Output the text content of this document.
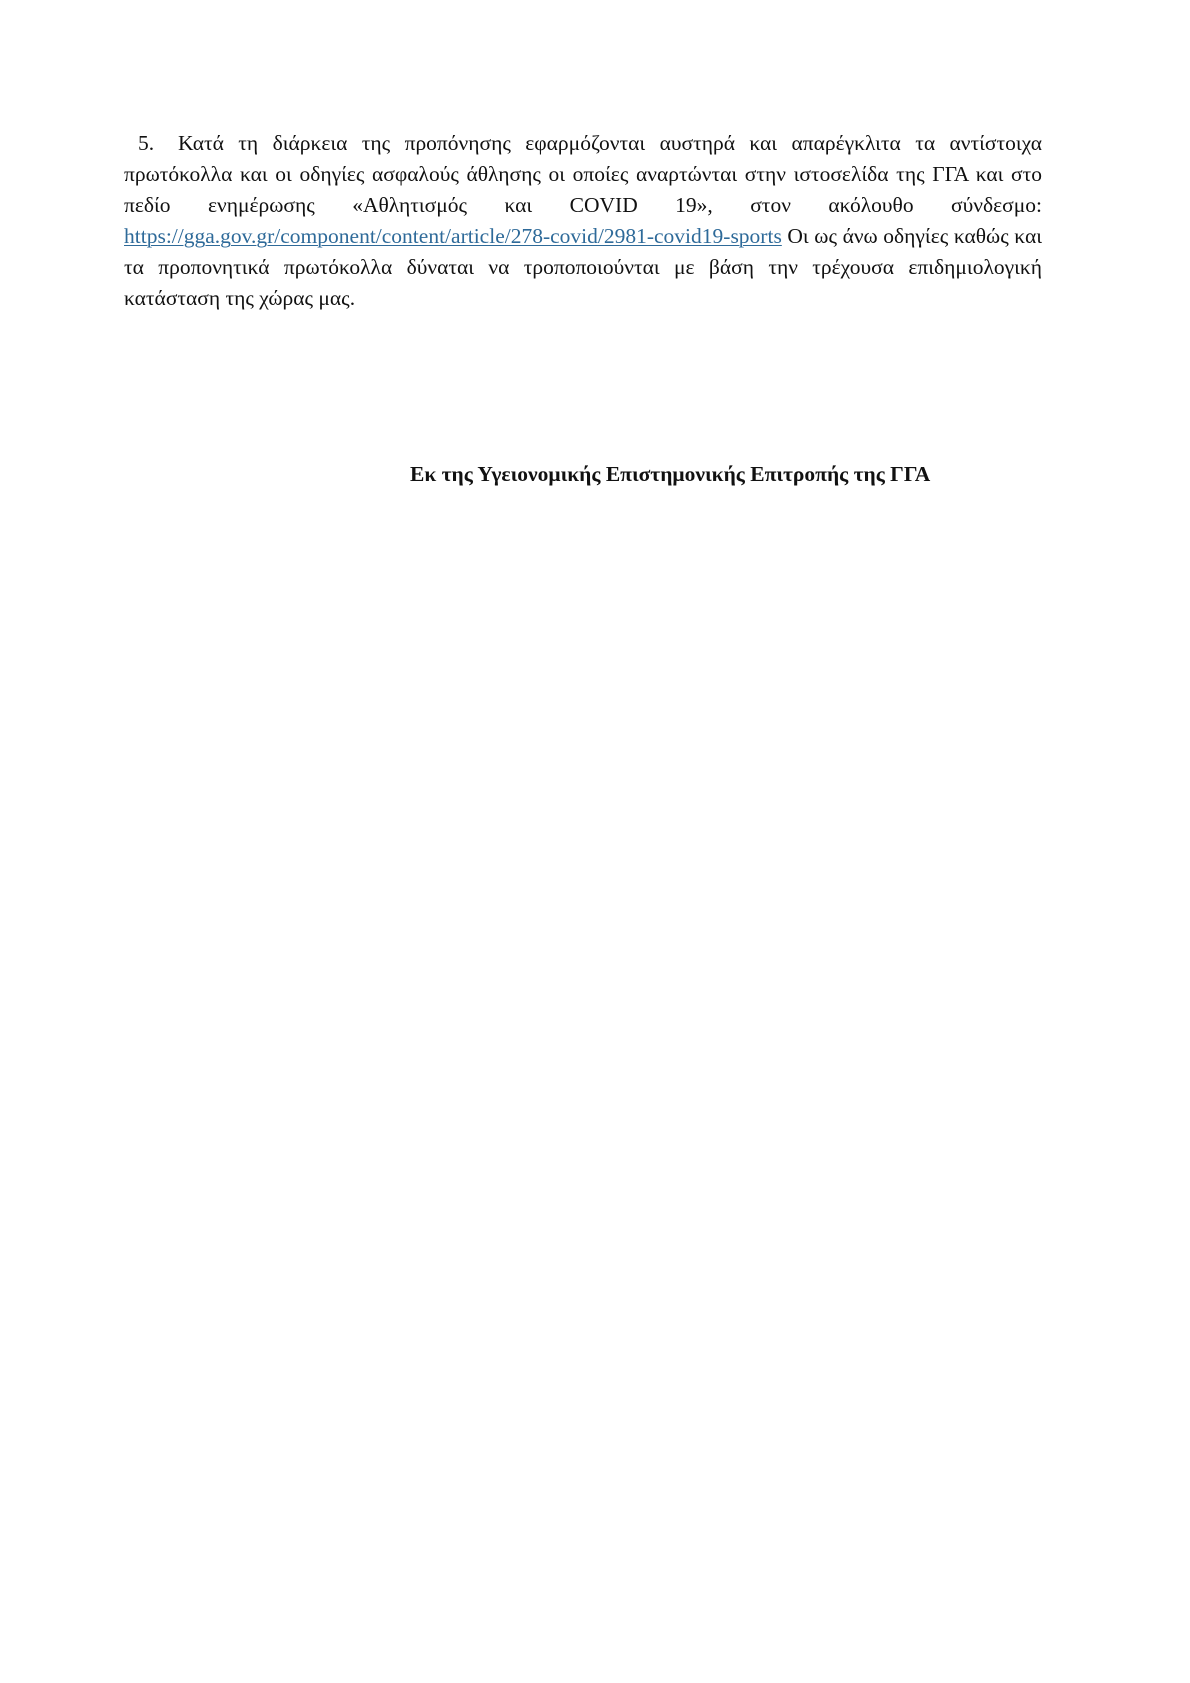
5. Κατά τη διάρκεια της προπόνησης εφαρμόζονται αυστηρά και απαρέγκλιτα τα αντίστοιχα πρωτόκολλα και οι οδηγίες ασφαλούς άθλησης οι οποίες αναρτώνται στην ιστοσελίδα της ΓΓΑ και στο πεδίο ενημέρωσης «Αθλητισμός και COVID 19», στον ακόλουθο σύνδεσμο: https://gga.gov.gr/component/content/article/278-covid/2981-covid19-sports Οι ως άνω οδηγίες καθώς και τα προπονητικά πρωτόκολλα δύναται να τροποποιούνται με βάση την τρέχουσα επιδημιολογική κατάσταση της χώρας μας.

Εκ της Υγειονομικής Επιστημονικής Επιτροπής της ΓΓΑ
